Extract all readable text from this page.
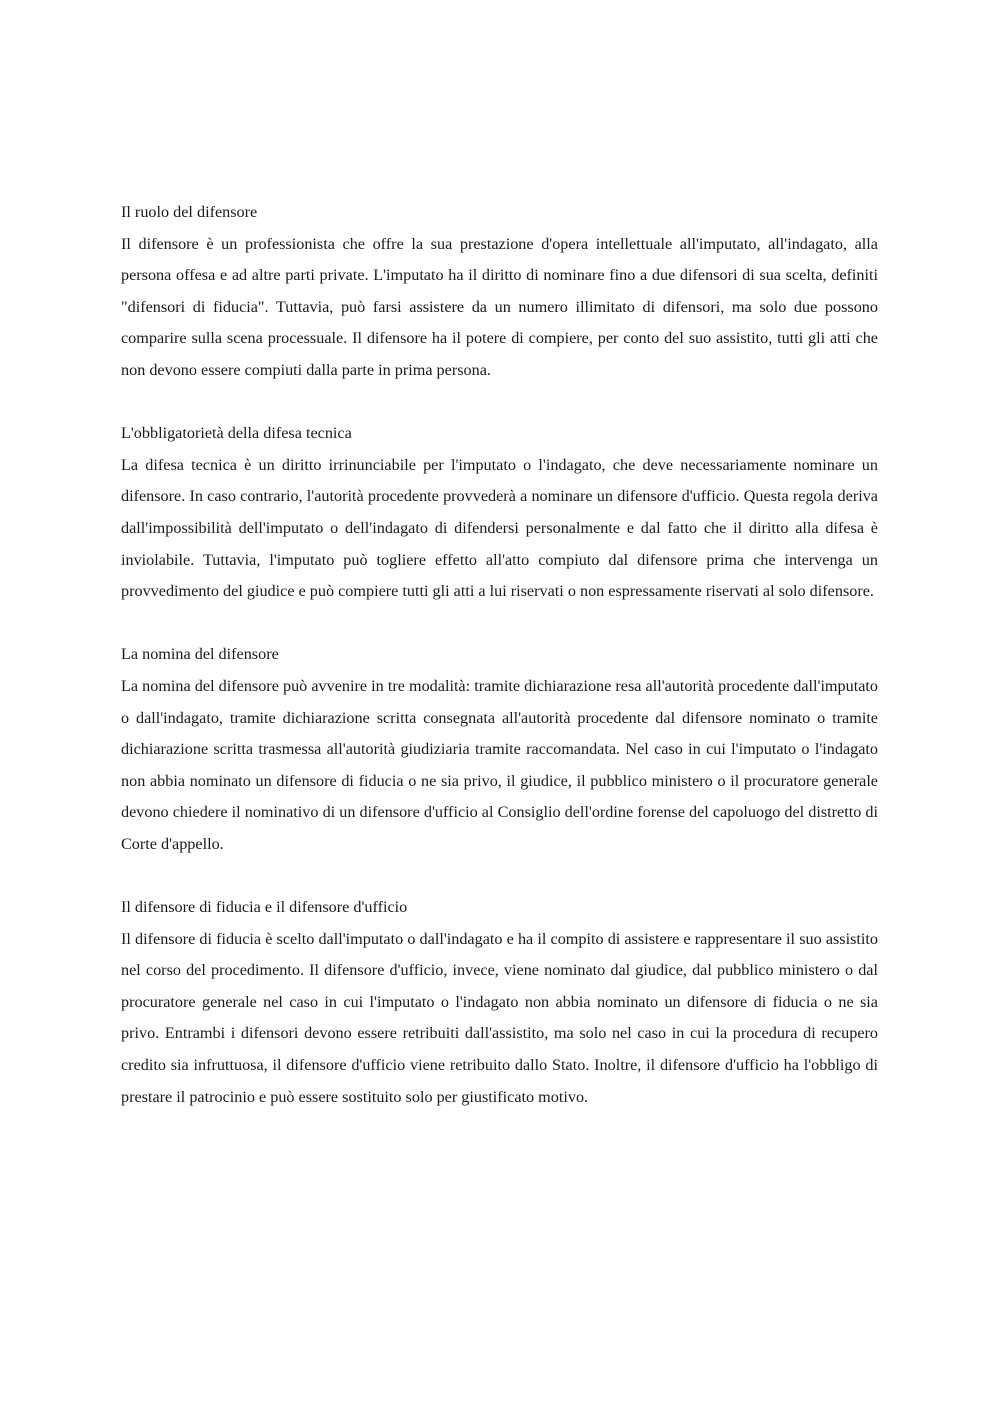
Il ruolo del difensore

Il difensore è un professionista che offre la sua prestazione d'opera intellettuale all'imputato, all'indagato, alla persona offesa e ad altre parti private. L'imputato ha il diritto di nominare fino a due difensori di sua scelta, definiti "difensori di fiducia". Tuttavia, può farsi assistere da un numero illimitato di difensori, ma solo due possono comparire sulla scena processuale. Il difensore ha il potere di compiere, per conto del suo assistito, tutti gli atti che non devono essere compiuti dalla parte in prima persona.

L'obbligatorietà della difesa tecnica

La difesa tecnica è un diritto irrinunciabile per l'imputato o l'indagato, che deve necessariamente nominare un difensore. In caso contrario, l'autorità procedente provvederà a nominare un difensore d'ufficio. Questa regola deriva dall'impossibilità dell'imputato o dell'indagato di difendersi personalmente e dal fatto che il diritto alla difesa è inviolabile. Tuttavia, l'imputato può togliere effetto all'atto compiuto dal difensore prima che intervenga un provvedimento del giudice e può compiere tutti gli atti a lui riservati o non espressamente riservati al solo difensore.

La nomina del difensore

La nomina del difensore può avvenire in tre modalità: tramite dichiarazione resa all'autorità procedente dall'imputato o dall'indagato, tramite dichiarazione scritta consegnata all'autorità procedente dal difensore nominato o tramite dichiarazione scritta trasmessa all'autorità giudiziaria tramite raccomandata. Nel caso in cui l'imputato o l'indagato non abbia nominato un difensore di fiducia o ne sia privo, il giudice, il pubblico ministero o il procuratore generale devono chiedere il nominativo di un difensore d'ufficio al Consiglio dell'ordine forense del capoluogo del distretto di Corte d'appello.

Il difensore di fiducia e il difensore d'ufficio

Il difensore di fiducia è scelto dall'imputato o dall'indagato e ha il compito di assistere e rappresentare il suo assistito nel corso del procedimento. Il difensore d'ufficio, invece, viene nominato dal giudice, dal pubblico ministero o dal procuratore generale nel caso in cui l'imputato o l'indagato non abbia nominato un difensore di fiducia o ne sia privo. Entrambi i difensori devono essere retribuiti dall'assistito, ma solo nel caso in cui la procedura di recupero credito sia infruttuosa, il difensore d'ufficio viene retribuito dallo Stato. Inoltre, il difensore d'ufficio ha l'obbligo di prestare il patrocinio e può essere sostituito solo per giustificato motivo.
